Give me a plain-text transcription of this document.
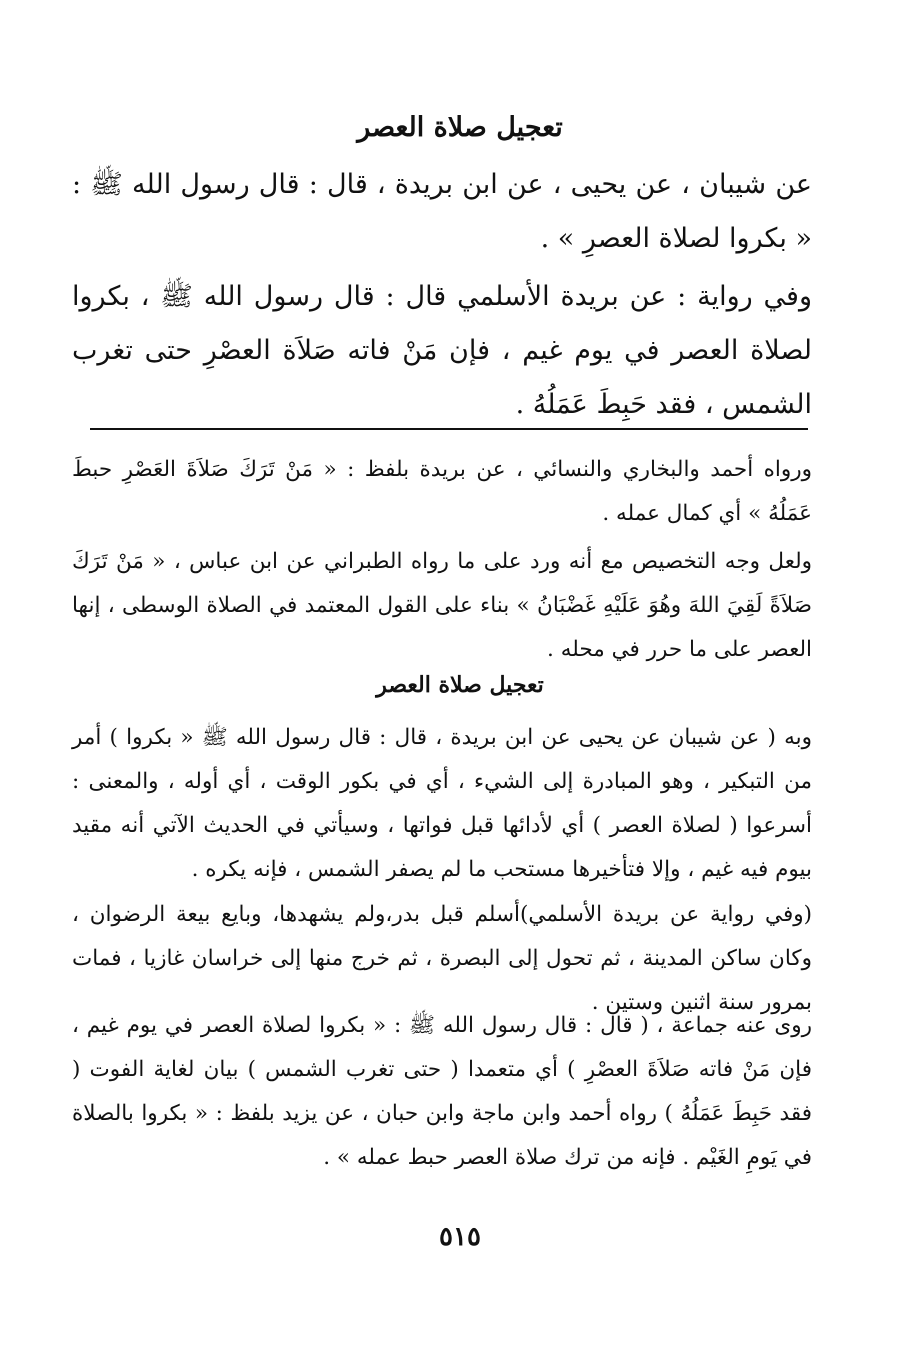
تعجيل صلاة العصر

عن شيبان ، عن يحيى ، عن ابن بريدة ، قال : قال رسول الله ﷺ : « بكروا لصلاة العصرِ » .

وفي رواية : عن بريدة الأسلمي قال : قال رسول الله ﷺ ، بكروا لصلاة العصر في يوم غيم ، فإن مَنْ فاته صَلاَة العصْرِ حتى تغرب الشمس ، فقد حَبِطَ عَمَلُهُ .

ورواه أحمد والبخاري والنسائي ، عن بريدة بلفظ : « مَنْ تَرَكَ صَلاَةَ العَصْرِ حبطَ عَمَلُهُ » أي كمال عمله .

ولعل وجه التخصيص مع أنه ورد على ما رواه الطبراني عن ابن عباس ، « مَنْ تَرَكَ صَلاَةً لَقِيَ اللهَ وهُوَ عَلَيْهِ غَضْبَانُ » بناء على القول المعتمد في الصلاة الوسطى ، إنها العصر على ما حرر في محله .

تعجيل صلاة العصر

وبه ( عن شيبان عن يحيى عن ابن بريدة ، قال : قال رسول الله ﷺ « بكروا ) أمر من التبكير ، وهو المبادرة إلى الشيء ، أي في بكور الوقت ، أي أوله ، والمعنى : أسرعوا ( لصلاة العصر ) أي لأدائها قبل فواتها ، وسيأتي في الحديث الآتي أنه مقيد بيوم فيه غيم ، وإلا فتأخيرها مستحب ما لم يصفر الشمس ، فإنه يكره .

(وفي رواية عن بريدة الأسلمي)أسلم قبل بدر،ولم يشهدها، وبايع بيعة الرضوان ، وكان ساكن المدينة ، ثم تحول إلى البصرة ، ثم خرج منها إلى خراسان غازيا ، فمات بمرور سنة اثنين وستين .

روى عنه جماعة ، ( قال : قال رسول الله ﷺ : « بكروا لصلاة العصر في يوم غيم ، فإن مَنْ فاته صَلاَةَ العصْرِ ) أي متعمدا ( حتى تغرب الشمس ) بيان لغاية الفوت ( فقد حَبِطَ عَمَلُهُ ) رواه أحمد وابن ماجة وابن حبان ، عن يزيد بلفظ : « بكروا بالصلاة في يَومِ الغَيْم . فإنه من ترك صلاة العصر حبط عمله » .

٥١٥
